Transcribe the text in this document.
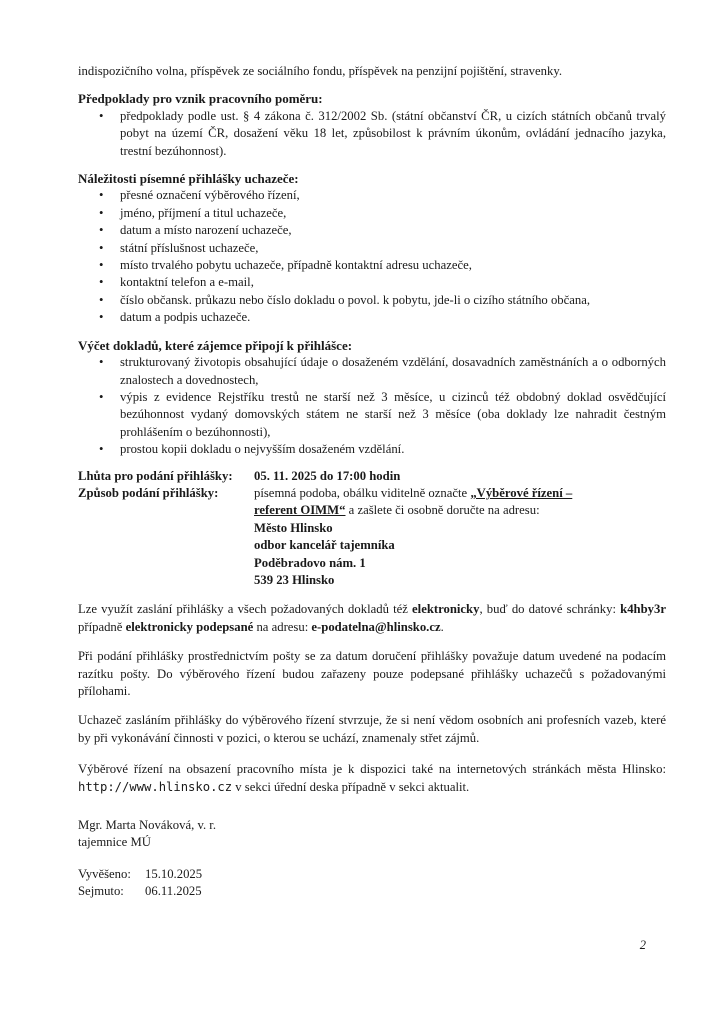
indispozičního volna, příspěvek ze sociálního fondu, příspěvek na penzijní pojištění, stravenky.

Předpoklady pro vznik pracovního poměru:
• předpoklady podle ust. § 4 zákona č. 312/2002 Sb. (státní občanství ČR, u cizích státních občanů trvalý pobyt na území ČR, dosažení věku 18 let, způsobilost k právním úkonům, ovládání jednacího jazyka, trestní bezúhonnost).
Náležitosti písemné přihlášky uchazeče:
• přesné označení výběrového řízení,
• jméno, příjmení a titul uchazeče,
• datum a místo narození uchazeče,
• státní příslušnost uchazeče,
• místo trvalého pobytu uchazeče, případně kontaktní adresu uchazeče,
• kontaktní telefon a e-mail,
• číslo občansk. průkazu nebo číslo dokladu o povol. k pobytu, jde-li o cizího státního občana,
• datum a podpis uchazeče.
Výčet dokladů, které zájemce připojí k přihlášce:
• strukturovaný životopis obsahující údaje o dosaženém vzdělání, dosavadních zaměstnáních a o odborných znalostech a dovednostech,
• výpis z evidence Rejstříku trestů ne starší než 3 měsíce, u cizinců též obdobný doklad osvědčující bezúhonnost vydaný domovských státem ne starší než 3 měsíce (oba doklady lze nahradit čestným prohlášením o bezúhonnosti),
• prostou kopii dokladu o nejvyšším dosaženém vzdělání.
Lhůta pro podání přihlášky:	05. 11. 2025 do 17:00 hodin
Způsob podání přihlášky:	písemná podoba, obálku viditelně označte „Výběrové řízení –
referent OIMM“ a zašlete či osobně doručte na adresu:
Město Hlinsko
odbor kancelář tajemníka
Poděbradovo nám. 1
539 23 Hlinsko

Lze využít zaslání přihlášky a všech požadovaných dokladů též elektronicky, buď do datové schránky: k4hby3r případně elektronicky podepsané na adresu: e-podatelna@hlinsko.cz.

Při podání přihlášky prostřednictvím pošty se za datum doručení přihlášky považuje datum uvedené na podacím razítku pošty. Do výběrového řízení budou zařazeny pouze podepsané přihlášky uchazečů s požadovanými přílohami.

Uchazeč zasláním přihlášky do výběrového řízení stvrzuje, že si není vědom osobních ani profesních vazeb, které by při vykonávání činnosti v pozici, o kterou se uchází, znamenaly střet zájmů.

Výběrové řízení na obsazení pracovního místa je k dispozici také na internetových stránkách města Hlinsko: http://www.hlinsko.cz v sekci úřední deska případně v sekci aktualit.

Mgr. Marta Nováková, v. r.
tajemnice MÚ
Vyvěšeno:	15.10.2025
Sejmuto:	06.11.2025
2
